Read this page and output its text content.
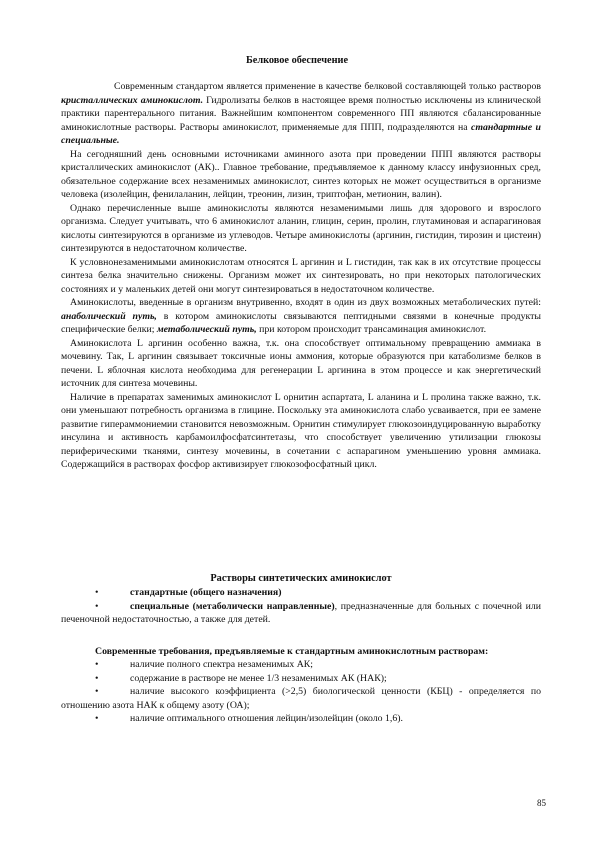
Белковое обеспечение

Современным стандартом является применение в качестве белковой составляющей только растворов кристаллических аминокислот. Гидролизаты белков в настоящее время полностью исключены из клинической практики парентерального питания. Важнейшим компонентом современного ПП являются сбалансированные аминокислотные растворы. Растворы аминокислот, применяемые для ППП, подразделяются на стандартные и специальные.

На сегодняшний день основными источниками аминного азота при проведении ППП являются растворы кристаллических аминокислот (АК).. Главное требование, предъявляемое к данному классу инфузионных сред, обязательное содержание всех незаменимых аминокислот, синтез которых не может осуществиться в организме человека (изолейцин, фенилаланин, лейцин, треонин, лизин, триптофан, метионин, валин).

Однако перечисленные выше аминокислоты являются незаменимыми лишь для здорового и взрослого организма. Следует учитывать, что 6 аминокислот аланин, глицин, серин, пролин, глутаминовая и аспарагиновая кислоты синтезируются в организме из углеводов. Четыре аминокислоты (аргинин, гистидин, тирозин и цистеин) синтезируются в недостаточном количестве.

К условнонезаменимыми аминокислотам относятся L аргинин и L гистидин, так как в их отсутствие процессы синтеза белка значительно снижены. Организм может их синтезировать, но при некоторых патологических состояниях и у маленьких детей они могут синтезироваться в недостаточном количестве.

Аминокислоты, введенные в организм внутривенно, входят в один из двух возможных метаболических путей: анаболический путь, в котором аминокислоты связываются пептидными связями в конечные продукты специфические белки; метаболический путь, при котором происходит трансаминация аминокислот.

Аминокислота L аргинин особенно важна, т.к. она способствует оптимальному превращению аммиака в мочевину. Так, L аргинин связывает токсичные ионы аммония, которые образуются при катаболизме белков в печени. L яблочная кислота необходима для регенерации L аргинина в этом процессе и как энергетический источник для синтеза мочевины.

Наличие в препаратах заменимых аминокислот L орнитин аспартата, L аланина и L пролина также важно, т.к. они уменьшают потребность организма в глицине. Поскольку эта аминокислота слабо усваивается, при ее замене развитие гипераммониемии становится невозможным. Орнитин стимулирует глюкозоиндуцированную выработку инсулина и активность карбамоилфосфатсинтетазы, что способствует увеличению утилизации глюкозы периферическими тканями, синтезу мочевины, в сочетании с аспарагином уменьшению уровня аммиака. Содержащийся в растворах фосфор активизирует глюкозофосфатный цикл.

Растворы синтетических аминокислот
•	стандартные (общего назначения)
•	специальные (метаболически направленные), предназначенные для больных с почечной или печеночной недостаточностью, а также для детей.
Современные требования, предъявляемые к стандартным аминокислотным растворам:
•	наличие полного спектра незаменимых АК;
•	содержание в растворе не менее 1/3 незаменимых АК (НАК);
•	наличие высокого коэффициента (>2,5) биологической ценности (КБЦ) - определяется по отношению азота НАК к общему азоту (ОА);
•	наличие оптимального отношения лейцин/изолейцин (около 1,6).
85
